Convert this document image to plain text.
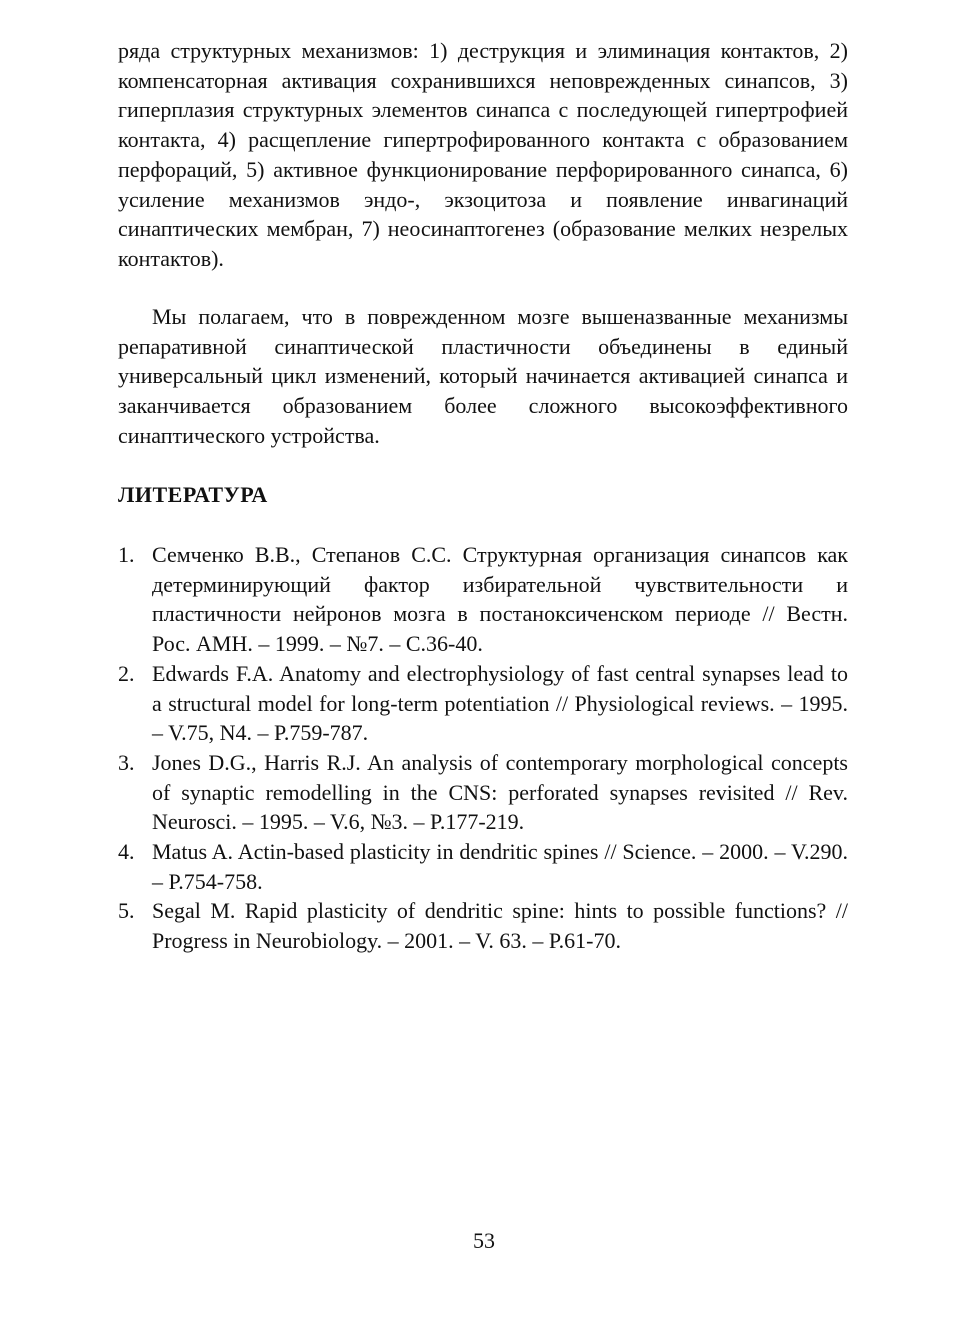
ряда структурных механизмов: 1) деструкция и элиминация контактов, 2) компенсаторная активация сохранившихся неповрежденных синапсов, 3) гиперплазия структурных элементов синапса с последующей гипертрофией контакта, 4) расщепление гипертрофированного контакта с образованием перфораций, 5) активное функционирование перфорированного синапса, 6) усиление механизмов эндо-, экзоцитоза и появление инвагинаций синаптических мембран, 7) неосинаптогенез (образование мелких незрелых контактов).

Мы полагаем, что в поврежденном мозге вышеназванные механизмы репаративной синаптической пластичности объединены в единый универсальный цикл изменений, который начинается активацией синапса и заканчивается образованием более сложного высокоэффективного синаптического устройства.

ЛИТЕРАТУРА
1. Семченко В.В., Степанов С.С. Структурная организация синапсов как детерминирующий фактор избирательной чувствительности и пластичности нейронов мозга в постаноксиченском периоде // Вестн. Рос. АМН. – 1999. – №7. – С.36-40.
2. Edwards F.A. Anatomy and electrophysiology of fast central synapses lead to a structural model for long-term potentiation // Physiological reviews. – 1995. – V.75, N4. – P.759-787.
3. Jones D.G., Harris R.J. An analysis of contemporary morphological concepts of synaptic remodelling in the CNS: perforated synapses revisited // Rev. Neurosci. – 1995. – V.6, №3. – P.177-219.
4. Matus A. Actin-based plasticity in dendritic spines // Science. – 2000. – V.290. – P.754-758.
5. Segal M. Rapid plasticity of dendritic spine: hints to possible functions? // Progress in Neurobiology. – 2001. – V. 63. – P.61-70.

53
